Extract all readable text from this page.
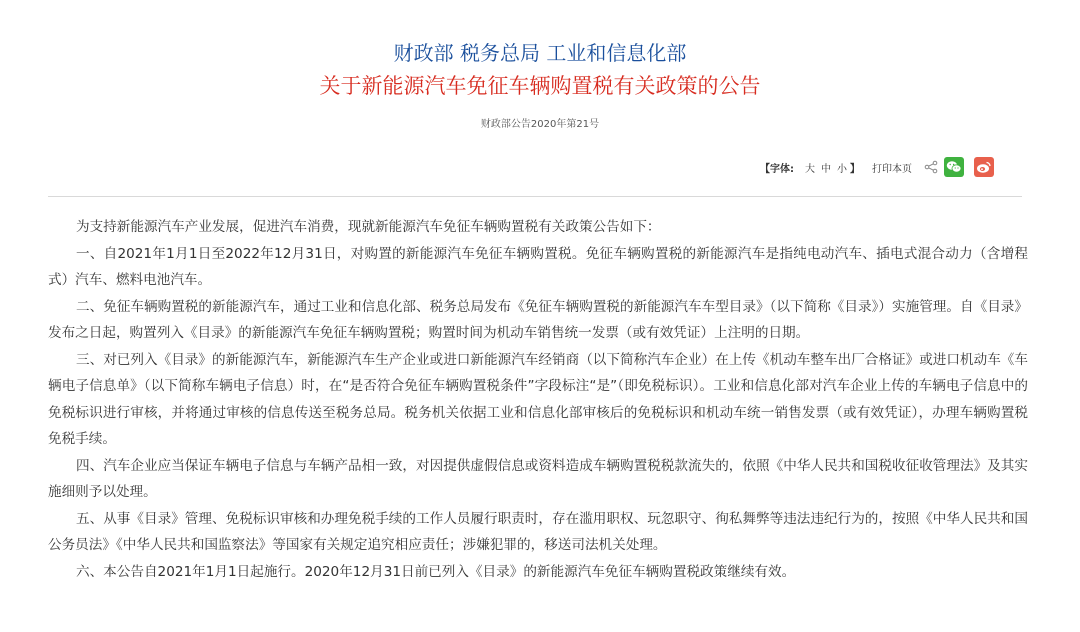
财政部 税务总局 工业和信息化部
关于新能源汽车免征车辆购置税有关政策的公告
财政部公告2020年第21号
【 字体: 大 中 小 】 打印本页

为支持新能源汽车产业发展，促进汽车消费，现就新能源汽车免征车辆购置税有关政策公告如下：

一、自2021年1月1日至2022年12月31日，对购置的新能源汽车免征车辆购置税。免征车辆购置税的新能源汽车是指纯电动汽车、插电式混合动力（含增程式）汽车、燃料电池汽车。

二、免征车辆购置税的新能源汽车，通过工业和信息化部、税务总局发布《免征车辆购置税的新能源汽车车型目录》（以下简称《目录》）实施管理。自《目录》发布之日起，购置列入《目录》的新能源汽车免征车辆购置税；购置时间为机动车销售统一发票（或有效凭证）上注明的日期。

三、对已列入《目录》的新能源汽车，新能源汽车生产企业或进口新能源汽车经销商（以下简称汽车企业）在上传《机动车整车出厂合格证》或进口机动车《车辆电子信息单》（以下简称车辆电子信息）时，在“是否符合免征车辆购置税条件”字段标注“是”（即免税标识）。工业和信息化部对汽车企业上传的车辆电子信息中的免税标识进行审核，并将通过审核的信息传送至税务总局。税务机关依据工业和信息化部审核后的免税标识和机动车统一销售发票（或有效凭证），办理车辆购置税免税手续。

四、汽车企业应当保证车辆电子信息与车辆产品相一致，对因提供虚假信息或资料造成车辆购置税税款流失的，依照《中华人民共和国税收征收管理法》及其实施细则予以处理。

五、从事《目录》管理、免税标识审核和办理免税手续的工作人员履行职责时，存在滥用职权、玩忽职守、徇私舞弊等违法违纪行为的，按照《中华人民共和国公务员法》《中华人民共和国监察法》等国家有关规定追究相应责任；涉嫌犯罪的，移送司法机关处理。

六、本公告自2021年1月1日起施行。2020年12月31日前已列入《目录》的新能源汽车免征车辆购置税政策继续有效。
